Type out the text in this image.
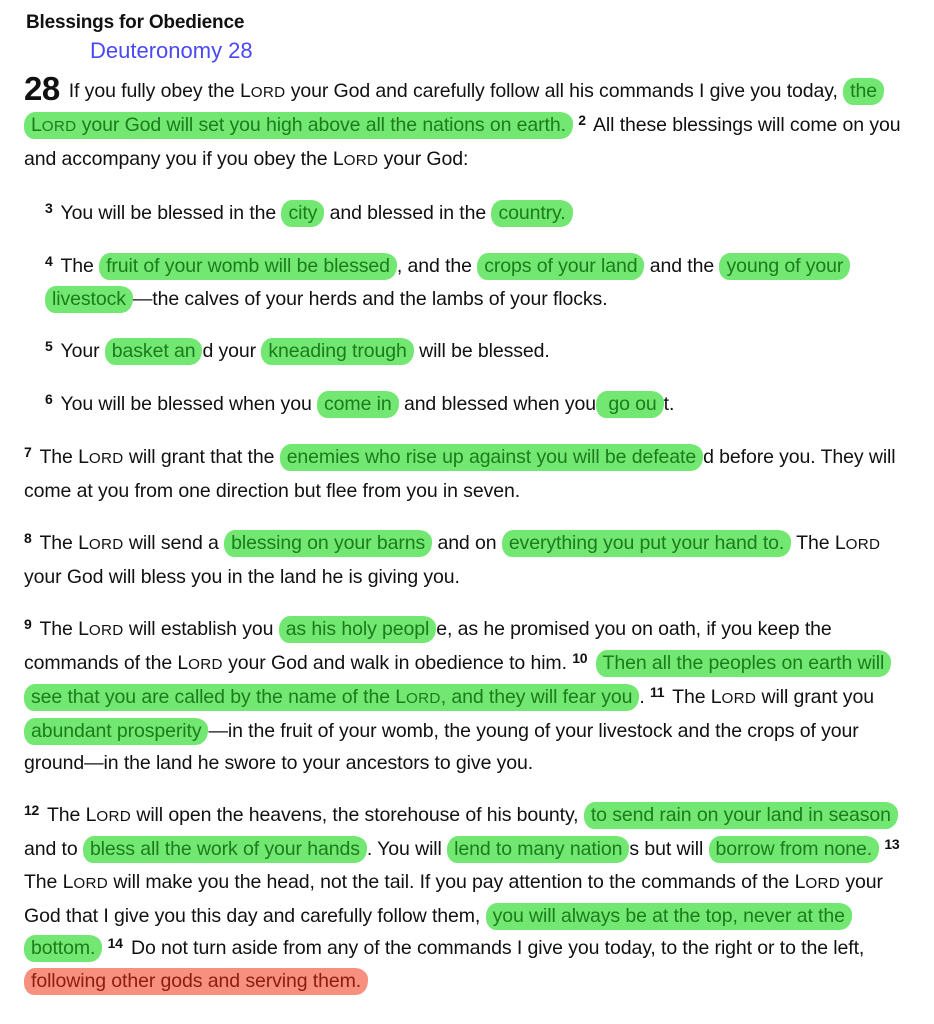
Blessings for Obedience
Deuteronomy 28

28 If you fully obey the LORD your God and carefully follow all his commands I give you today, the LORD your God will set you high above all the nations on earth. $^2$ All these blessings will come on you and accompany you if you obey the LORD your God:

$^3$ You will be blessed in the city and blessed in the country.

$^4$ The fruit of your womb will be blessed , and the crops of your land and the young of your livestock —the calves of your herds and the lambs of your flocks.

$^5$ Your basket an d your kneading trough will be blessed.

$^6$ You will be blessed when you come in and blessed when you go ou t.

$^7$ The LORD will grant that the enemies who rise up against you will be defeate d before you. They will come at you from one direction but flee from you in seven.

$^8$ The LORD will send a blessing on your barns and on everything you put your hand to. The LORD your God will bless you in the land he is giving you.

$^9$ The LORD will establish you as his holy peopl e, as he promised you on oath, if you keep the commands of the LORD your God and walk in obedience to him. $^{10}$ Then all the peoples on earth will see that you are called by the name of the LORD, and they will fear you . $^{11}$ The LORD will grant you abundant prosperity —in the fruit of your womb, the young of your livestock and the crops of your ground—in the land he swore to your ancestors to give you.

$^{12}$ The LORD will open the heavens, the storehouse of his bounty, to send rain on your land in season and to bless all the work of your hands . You will lend to many nation s but will borrow from none. $^{13}$ The LORD will make you the head, not the tail. If you pay attention to the commands of the LORD your God that I give you this day and carefully follow them, you will always be at the top, never at the bottom. $^{14}$ Do not turn aside from any of the commands I give you today, to the right or to the left, following other gods and serving them.
